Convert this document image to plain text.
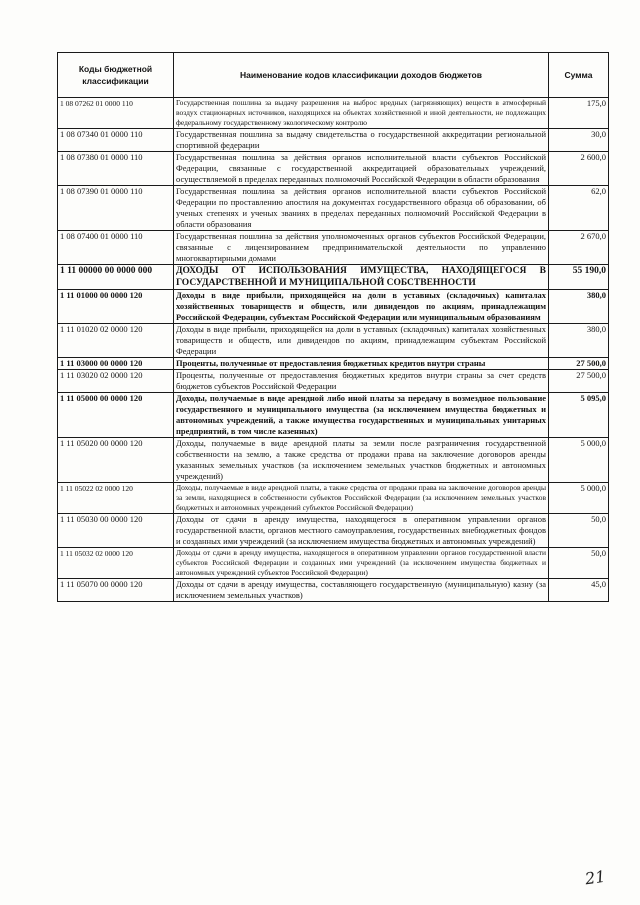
Коды бюджетной классификации	Наименование кодов классификации доходов бюджетов	Сумма
1 08 07262 01 0000 110	Государственная пошлина за выдачу разрешения на выброс вредных (загрязняющих) веществ в атмосферный воздух стационарных источников, находящихся на объектах хозяйственной и иной деятельности, не подлежащих федеральному государственному экологическому контролю	175,0
1 08 07340 01 0000 110	Государственная пошлина за выдачу свидетельства о государственной аккредитации региональной спортивной федерации	30,0
1 08 07380 01 0000 110	Государственная пошлина за действия органов исполнительной власти субъектов Российской Федерации, связанные с государственной аккредитацией образовательных учреждений, осуществляемой в пределах переданных полномочий Российской Федерации в области образования	2 600,0
1 08 07390 01 0000 110	Государственная пошлина за действия органов исполнительной власти субъектов Российской Федерации по проставлению апостиля на документах государственного образца об образовании, об ученых степенях и ученых званиях в пределах переданных полномочий Российской Федерации в области образования	62,0
1 08 07400 01 0000 110	Государственная пошлина за действия уполномоченных органов субъектов Российской Федерации, связанные с лицензированием предпринимательской деятельности по управлению многоквартирными домами	2 670,0
1 11 00000 00 0000 000	ДОХОДЫ ОТ ИСПОЛЬЗОВАНИЯ ИМУЩЕСТВА, НАХОДЯЩЕГОСЯ В ГОСУДАРСТВЕННОЙ И МУНИЦИПАЛЬНОЙ СОБСТВЕННОСТИ	55 190,0
1 11 01000 00 0000 120	Доходы в виде прибыли, приходящейся на доли в уставных (складочных) капиталах хозяйственных товариществ и обществ, или дивидендов по акциям, принадлежащим Российской Федерации, субъектам Российской Федерации или муниципальным образованиям	380,0
1 11 01020 02 0000 120	Доходы в виде прибыли, приходящейся на доли в уставных (складочных) капиталах хозяйственных товариществ и обществ, или дивидендов по акциям, принадлежащим субъектам Российской Федерации	380,0
1 11 03000 00 0000 120	Проценты, полученные от предоставления бюджетных кредитов внутри страны	27 500,0
1 11 03020 02 0000 120	Проценты, полученные от предоставления бюджетных кредитов внутри страны за счет средств бюджетов субъектов Российской Федерации	27 500,0
1 11 05000 00 0000 120	Доходы, получаемые в виде арендной либо иной платы за передачу в возмездное пользование государственного и муниципального имущества (за исключением имущества бюджетных и автономных учреждений, а также имущества государственных и муниципальных унитарных предприятий, в том числе казенных)	5 095,0
1 11 05020 00 0000 120	Доходы, получаемые в виде арендной платы за земли после разграничения государственной собственности на землю, а также средства от продажи права на заключение договоров аренды указанных земельных участков (за исключением земельных участков бюджетных и автономных учреждений)	5 000,0
1 11 05022 02 0000 120	Доходы, получаемые в виде арендной платы, а также средства от продажи права на заключение договоров аренды за земли, находящиеся в собственности субъектов Российской Федерации (за исключением земельных участков бюджетных и автономных учреждений субъектов Российской Федерации)	5 000,0
1 11 05030 00 0000 120	Доходы от сдачи в аренду имущества, находящегося в оперативном управлении органов государственной власти, органов местного самоуправления, государственных внебюджетных фондов и созданных ими учреждений (за исключением имущества бюджетных и автономных учреждений)	50,0
1 11 05032 02 0000 120	Доходы от сдачи в аренду имущества, находящегося в оперативном управлении органов государственной власти субъектов Российской Федерации и созданных ими учреждений (за исключением имущества бюджетных и автономных учреждений субъектов Российской Федерации)	50,0
1 11 05070 00 0000 120	Доходы от сдачи в аренду имущества, составляющего государственную (муниципальную) казну (за исключением земельных участков)	45,0
21
